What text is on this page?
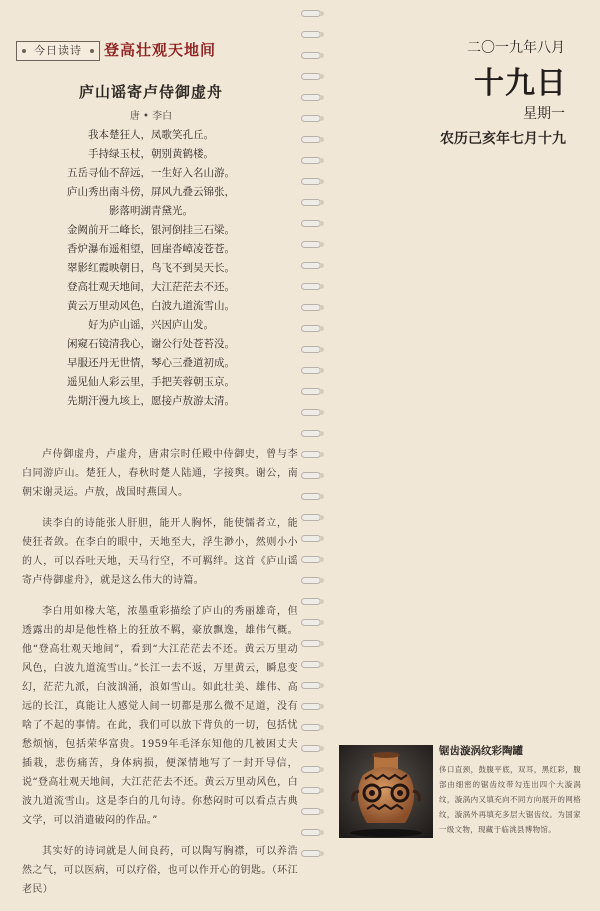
今日读诗	登高壮观天地间	二〇一九年八月
十九日
星期一
农历己亥年七月十九
庐山谣寄卢侍御虚舟
唐 • 李白
我本楚狂人，凤歌笑孔丘。
手持绿玉杖，朝别黄鹤楼。
五岳寻仙不辞远，一生好入名山游。
庐山秀出南斗傍，屏风九叠云锦张，
影落明湖青黛光。
金阙前开二峰长，银河倒挂三石梁。
香炉瀑布遥相望，回崖沓嶂凌苍苍。
翠影红霞映朝日，鸟飞不到吴天长。
登高壮观天地间，大江茫茫去不还。
黄云万里动风色，白波九道流雪山。
好为庐山谣，兴因庐山发。
闲窥石镜清我心，谢公行处苍苔没。
早服还丹无世情，琴心三叠道初成。
遥见仙人彩云里，手把芙蓉朝玉京。
先期汗漫九垓上，愿接卢敖游太清。

卢侍御虚舟，卢虚舟，唐肃宗时任殿中侍御史，曾与李白同游庐山。楚狂人，春秋时楚人陆通，字接舆。谢公，南朝宋谢灵运。卢敖，战国时燕国人。

读李白的诗能张人肝胆，能开人胸怀，能使懦者立，能使狂者敛。在李白的眼中，天地至大，浮生渺小，然则小小的人，可以吞吐天地，天马行空，不可羁绊。这首《庐山谣寄卢侍御虚舟》，就是这么伟大的诗篇。

李白用如椽大笔，浓墨重彩描绘了庐山的秀丽雄奇，但透露出的却是他性格上的狂放不羁，豪放飘逸，雄伟气概。他“登高壮观天地间”，看到“大江茫茫去不还。黄云万里动风色，白波九道流雪山。”长江一去不返，万里黄云，瞬息变幻，茫茫九派，白波汹涌，浪如雪山。如此壮美、雄伟、高远的长江，真能让人感觉人间一切都是那么微不足道，没有啥了不起的事情。在此，我们可以放下背负的一切，包括忧愁烦恼，包括荣华富贵。1959年毛泽东知他的几被困丈夫插栽，悲伤痛苦，身体病损，便深情地写了一封开导信，说“登高壮观天地间，大江茫茫去不还。黄云万里动风色，白波九道流雪山。这是李白的几句诗。你愁闷时可以看点古典文学，可以消遣破闷的作品。”

其实好的诗词就是人间良药，可以陶写胸襟，可以养浩然之气，可以医病，可以疗俗，也可以作开心的钥匙。（环江老民）

锯齿漩涡纹彩陶罐

侈口直颈，鼓腹平底，双耳，黑红彩，腹部由细密的锯齿纹带勾连出四个大漩涡纹，漩涡内又填充向不同方向展开的网格纹，漩涡外再填充多层大锯齿纹。为国家一级文物，现藏于临洮县博物馆。
